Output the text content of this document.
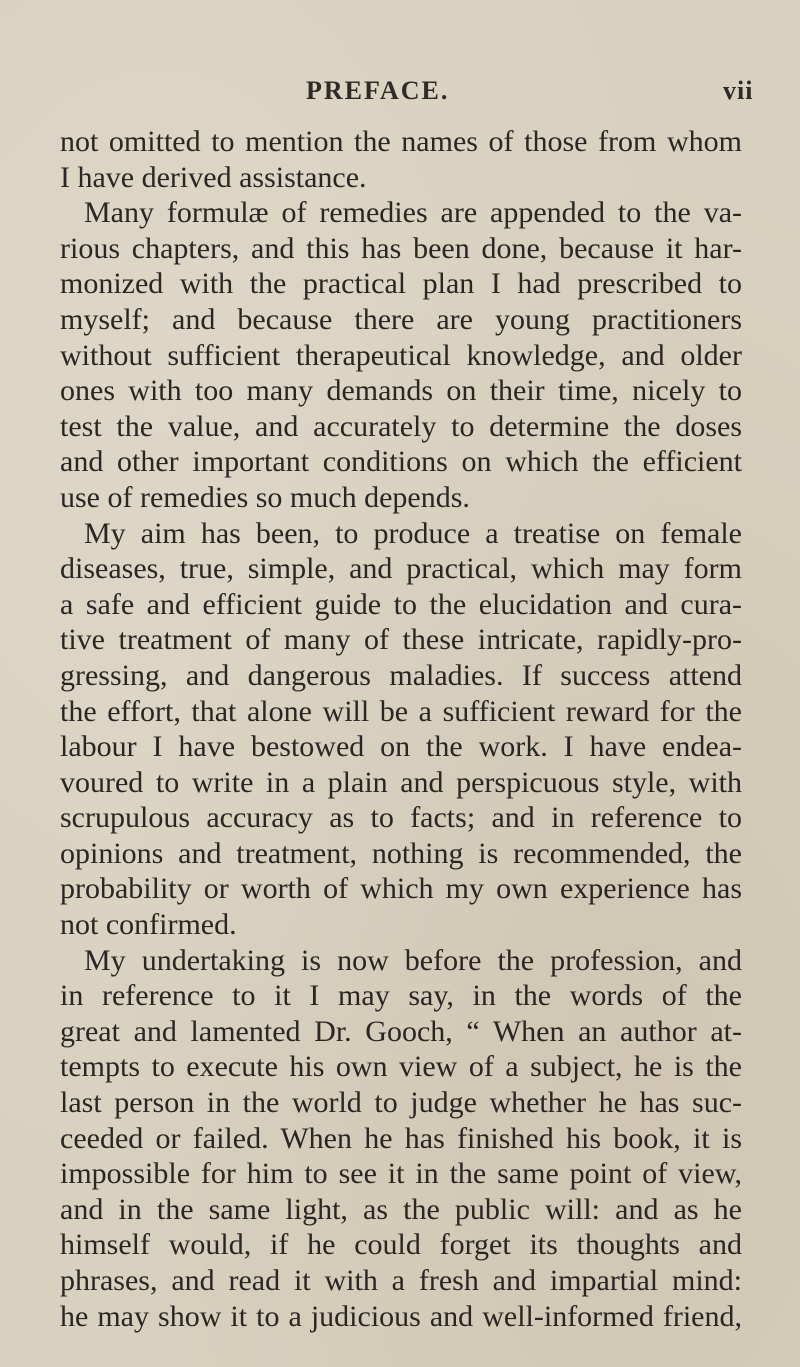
PREFACE.	vii
not omitted to mention the names of those from whom
I have derived assistance.
Many formulæ of remedies are appended to the va-
rious chapters, and this has been done, because it har-
monized with the practical plan I had prescribed to
myself; and because there are young practitioners
without sufficient therapeutical knowledge, and older
ones with too many demands on their time, nicely to
test the value, and accurately to determine the doses
and other important conditions on which the efficient
use of remedies so much depends.
My aim has been, to produce a treatise on female
diseases, true, simple, and practical, which may form
a safe and efficient guide to the elucidation and cura-
tive treatment of many of these intricate, rapidly-pro-
gressing, and dangerous maladies. If success attend
the effort, that alone will be a sufficient reward for the
labour I have bestowed on the work. I have endea-
voured to write in a plain and perspicuous style, with
scrupulous accuracy as to facts; and in reference to
opinions and treatment, nothing is recommended, the
probability or worth of which my own experience has
not confirmed.
My undertaking is now before the profession, and
in reference to it I may say, in the words of the
great and lamented Dr. Gooch, “ When an author at-
tempts to execute his own view of a subject, he is the
last person in the world to judge whether he has suc-
ceeded or failed. When he has finished his book, it is
impossible for him to see it in the same point of view,
and in the same light, as the public will: and as he
himself would, if he could forget its thoughts and
phrases, and read it with a fresh and impartial mind:
he may show it to a judicious and well-informed friend,
